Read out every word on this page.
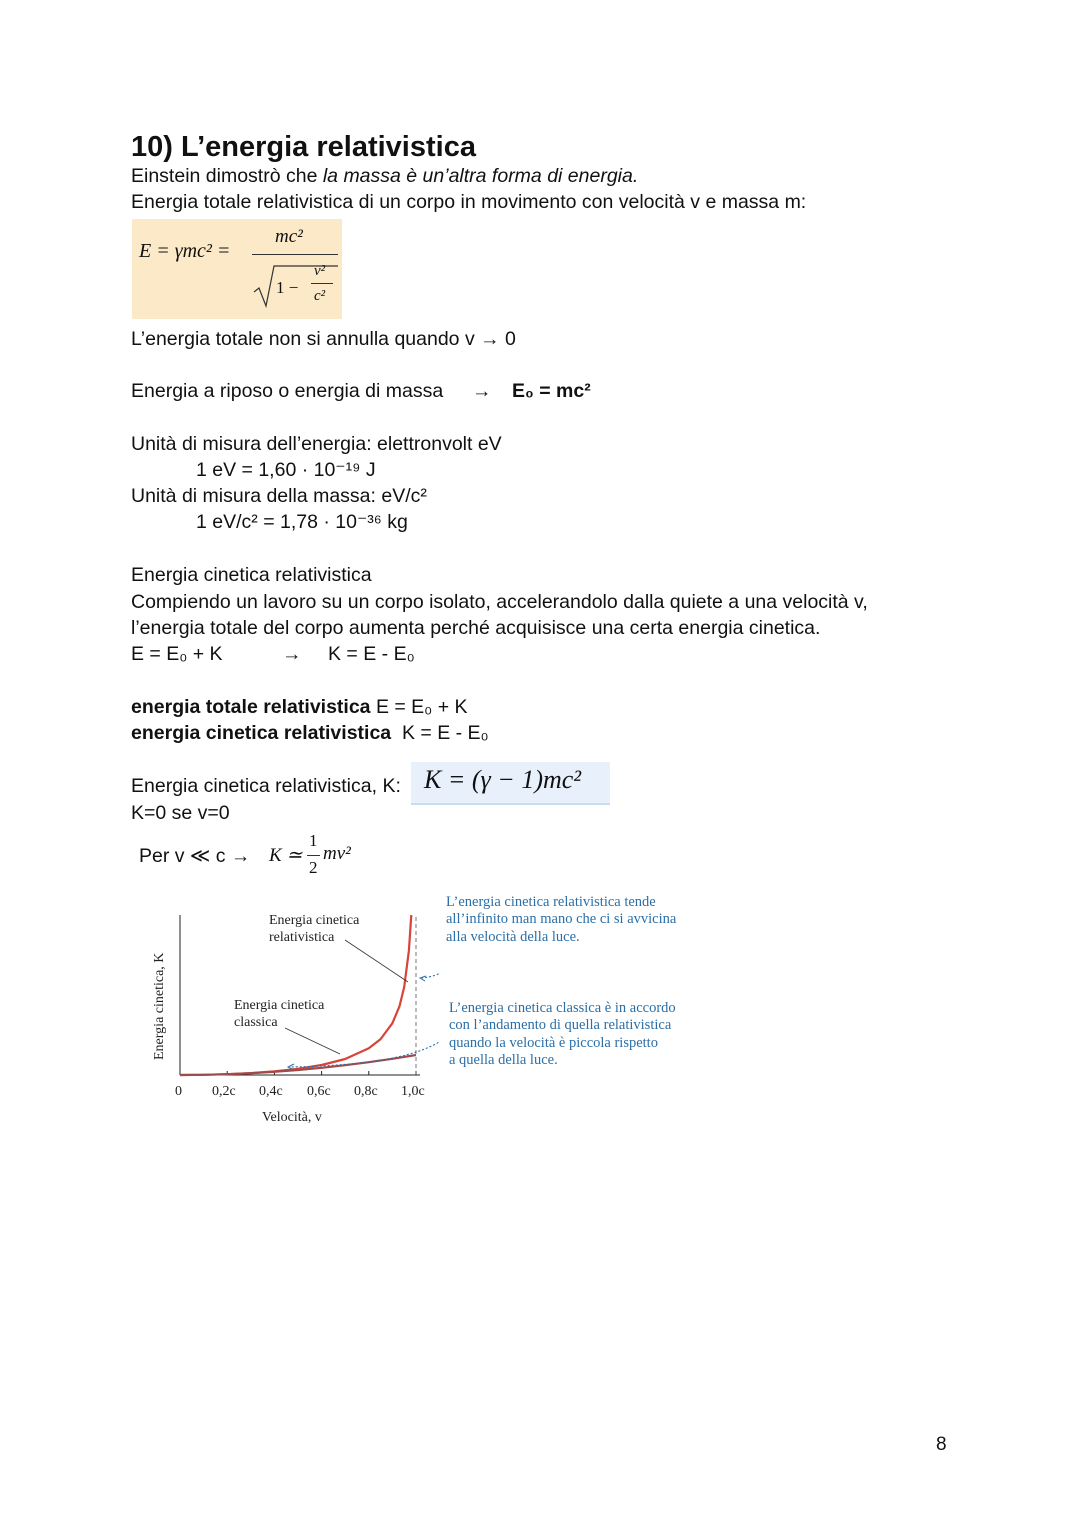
10) L’energia relativistica
Einstein dimostrò che la massa è un’altra forma di energia.
Energia totale relativistica di un corpo in movimento con velocità v e massa m:
E = γmc² =
mc²
1 −
v²
c²
L’energia totale non si annulla quando v → 0
Energia a riposo o energia di massa → E₀ = mc²
Unità di misura dell’energia: elettronvolt eV
1 eV = 1,60 · 10⁻¹⁹ J
Unità di misura della massa: eV/c²
1 eV/c² = 1,78 · 10⁻³⁶ kg
Energia cinetica relativistica
Compiendo un lavoro su un corpo isolato, accelerandolo dalla quiete a una velocità v,
l’energia totale del corpo aumenta perché acquisisce una certa energia cinetica.
E = E₀ + K	→ K = E - E₀
energia totale relativistica E = E₀ + K
energia cinetica relativistica  K = E - E₀
Energia cinetica relativistica, K: K = (γ − 1)mc²
K=0 se v=0
Per v ≪ c → K ≃
1
2
mv²
Energia cinetica, K
0 0,2c 0,4c 0,6c 0,8c 1,0c
Velocità, v
Energia cinetica
relativistica
Energia cinetica
classica
L’energia cinetica relativistica tende
all’infinito man mano che ci si avvicina
alla velocità della luce.
L’energia cinetica classica è in accordo
con l’andamento di quella relativistica
quando la velocità è piccola rispetto
a quella della luce.
8
